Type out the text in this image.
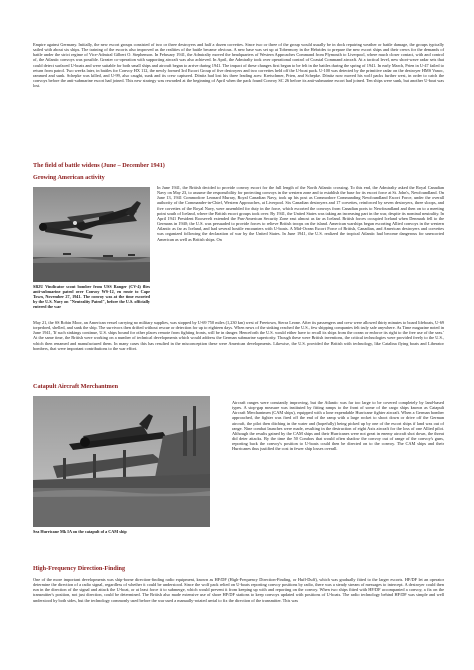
Empire against Germany. Initially, the new escort groups consisted of two or three destroyers and half a dozen corvettes. Since two or three of the group would usually be in dock repairing weather or battle damage, the groups typically sailed with about six ships. The training of the escorts also improved as the realities of the battle became obvious. A new base was set up at Tobermory in the Hebrides to prepare the new escort ships and their crews for the demands of battle under the strict regime of Vice-Admiral Gilbert O. Stephenson. In February 1941, the Admiralty moved the headquarters of Western Approaches Command from Plymouth to Liverpool, where much closer contact, with and control of, the Atlantic convoys was possible. Greater co-operation with supporting aircraft was also achieved. In April, the Admiralty took over operational control of Coastal Command aircraft. At a tactical level, new short-wave radar sets that could detect surfaced U-boats and were suitable for both small ships and aircraft began to arrive during 1941. The impact of these changes first began to be felt in the battles during the spring of 1941. In early March, Prien in U-47 failed to return from patrol. Two weeks later, in battles for Convoy HX 112, the newly formed 3rd Escort Group of five destroyers and two corvettes held off the U-boat pack. U-100 was detected by the primitive radar on the destroyer HMS Vanoc, rammed and sunk. Schepke was killed, and U-99, also caught, sunk and its crew captured. Dönitz had lost his three leading aces: Kretschmer, Prien, and Schepke. Dönitz now moved his wolf packs further west, in order to catch the convoys before the anti-submarine escort had joined. This new strategy was rewarded at the beginning of April when the pack found Convoy SC 26 before its anti-submarine escort had joined. Ten ships were sunk, but another U-boat was lost.

The field of battle widens (June – December 1941)

Growing American activity

SB2U Vindicator scout bomber from USS Ranger (CV-4) flies anti-submarine patrol over Convoy WS-12, en route to Cape Town, November 27, 1941. The convoy was at the time escorted by the U.S. Navy on "Neutrality Patrol", before the U.S. officially entered the war

In June 1941, the British decided to provide convoy escort for the full length of the North Atlantic crossing. To this end, the Admiralty asked the Royal Canadian Navy on May 23, to assume the responsibility for protecting convoys in the western zone and to establish the base for its escort force at St. John's, Newfoundland. On June 13, 1941 Commodore Leonard Murray, Royal Canadian Navy, took up his post as Commodore Commanding Newfoundland Escort Force, under the overall authority of the Commander-in-Chief, Western Approaches, at Liverpool. Six Canadian destroyers and 17 corvettes, reinforced by seven destroyers, three sloops, and five corvettes of the Royal Navy, were assembled for duty in the force, which escorted the convoys from Canadian ports to Newfoundland and then on to a meeting point south of Iceland, where the British escort groups took over. By 1941, the United States was taking an increasing part in the war, despite its nominal neutrality. In April 1941 President Roosevelt extended the Pan-American Security Zone east almost as far as Iceland. British forces occupied Iceland when Denmark fell to the Germans in 1940; the U.S. was persuaded to provide forces to relieve British troops on the island. American warships began escorting Allied convoys in the western Atlantic as far as Iceland, and had several hostile encounters with U-boats. A Mid-Ocean Escort Force of British, Canadian, and American destroyers and corvettes was organized following the declaration of war by the United States. In June 1941, the U.S. realized the tropical Atlantic had become dangerous for unescorted American as well as British ships. On

May 21, the SS Robin Moor, an American vessel carrying no military supplies, was stopped by U-69 750 miles (1,230 km) west of Freetown, Sierra Leone. After its passengers and crew were allowed thirty minutes to board lifeboats, U-69 torpedoed, shelled, and sank the ship. The survivors then drifted without rescue or detection for up to eighteen days. When news of the sinking reached the U.S., few shipping companies felt truly safe anywhere. As Time magazine noted in June 1941, 'If such sinkings continue, U.S. ships bound for other places remote from fighting fronts, will be in danger. Henceforth the U.S. would either have to recall its ships from the ocean or enforce its right to the free use of the seas.' At the same time, the British were working on a number of technical developments which would address the German submarine superiority. Though these were British inventions, the critical technologies were provided freely to the U.S., which then renamed and manufactured them. In many cases this has resulted in the misconception these were American developments. Likewise, the U.S. provided the British with technology, like Catalina flying boats and Liberator bombers, that were important contributions to the war effort.

Catapult Aircraft Merchantmen

Sea Hurricane Mk IA on the catapult of a CAM ship

Aircraft ranges were constantly improving, but the Atlantic was far too large to be covered completely by land-based types. A stop-gap measure was instituted by fitting ramps to the front of some of the cargo ships known as Catapult Aircraft Merchantmen (CAM ships), equipped with a lone expendable Hurricane fighter aircraft. When a German bomber approached, the fighter was fired off the end of the ramp with a large rocket to shoot down or drive off the German aircraft, the pilot then ditching in the water and (hopefully) being picked up by one of the escort ships if land was out of range. Nine combat launches were made, resulting in the destruction of eight Axis aircraft for the loss of one Allied pilot. Although the results gained by the CAM ships and their Hurricanes were not great in enemy aircraft shot down, the threat did deter attacks. By the time the 50 Condors that would often shadow the convoy out of range of the convoy's guns, reporting back the convoy's position to U-boats could then be directed on to the convoy. The CAM ships and their Hurricanes thus justified the cost in fewer ship losses overall.

High-Frequency Direction-Finding

One of the more important developments was ship-borne direction-finding radio equipment, known as HF/DF (High-Frequency Direction-Finding, or Huff-Duff), which was gradually fitted to the larger escorts. HF/DF let an operator determine the direction of a radio signal, regardless of whether it could be understood. Since the wolf pack relied on U-boats reporting convoy positions by radio, there was a steady stream of messages to intercept. A destroyer could then run in the direction of the signal and attack the U-boat, or at least force it to submerge, which would prevent it from keeping up with and reporting on the convoy. When two ships fitted with HF/DF accompanied a convoy, a fix on the transmitter's position, not just direction, could be determined. The British also made extensive use of shore HF/DF stations to keep convoys updated with positions of U-boats. The radio technology behind HF/DF was simple and well understood by both sides, but the technology commonly used before the war used a manually-rotated aerial to fix the direction of the transmitter. This was
